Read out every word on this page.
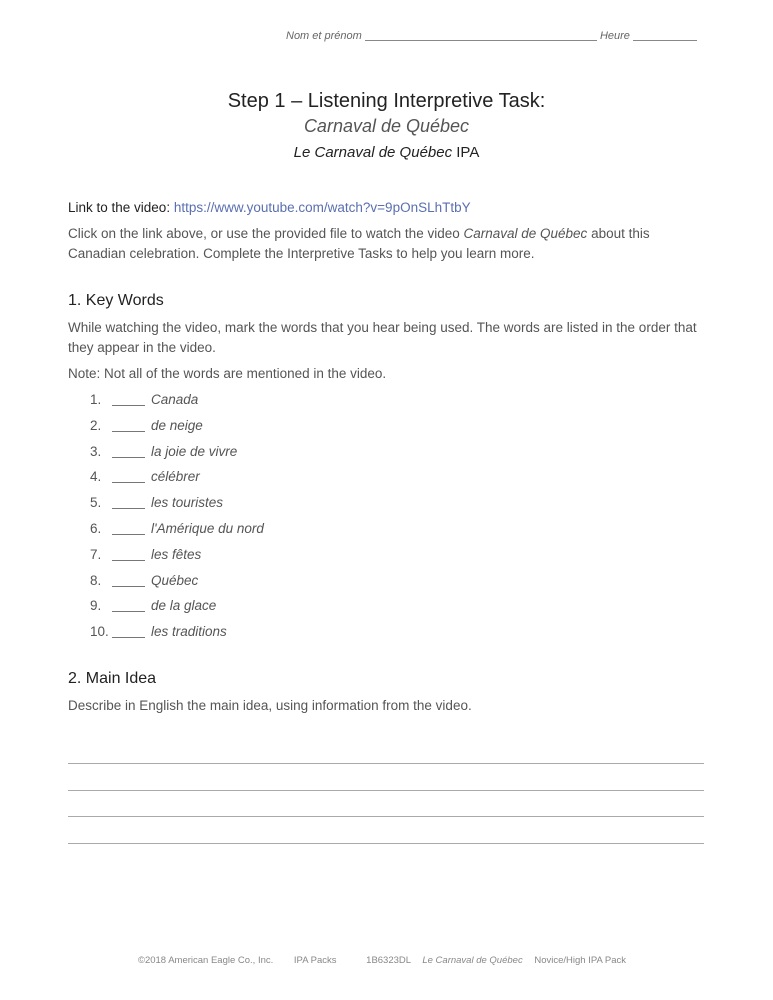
Nom et prénom	Heure
Step 1 – Listening Interpretive Task:
Carnaval de Québec
Le Carnaval de Québec IPA
Link to the video: https://www.youtube.com/watch?v=9pOnSLhTtbY

Click on the link above, or use the provided file to watch the video Carnaval de Québec about this Canadian celebration. Complete the Interpretive Tasks to help you learn more.

1. Key Words

While watching the video, mark the words that you hear being used. The words are listed in the order that they appear in the video.

Note: Not all of the words are mentioned in the video.

1.	Canada
2.	de neige
3.	la joie de vivre
4.	célébrer
5.	les touristes
6.	l'Amérique du nord
7.	les fêtes
8.	Québec
9.	de la glace
10.	les traditions
2. Main Idea

Describe in English the main idea, using information from the video.

©2018 American Eagle Co., Inc. IPA Packs	1B6323DL Le Carnaval de Québec Novice/High IPA Pack
